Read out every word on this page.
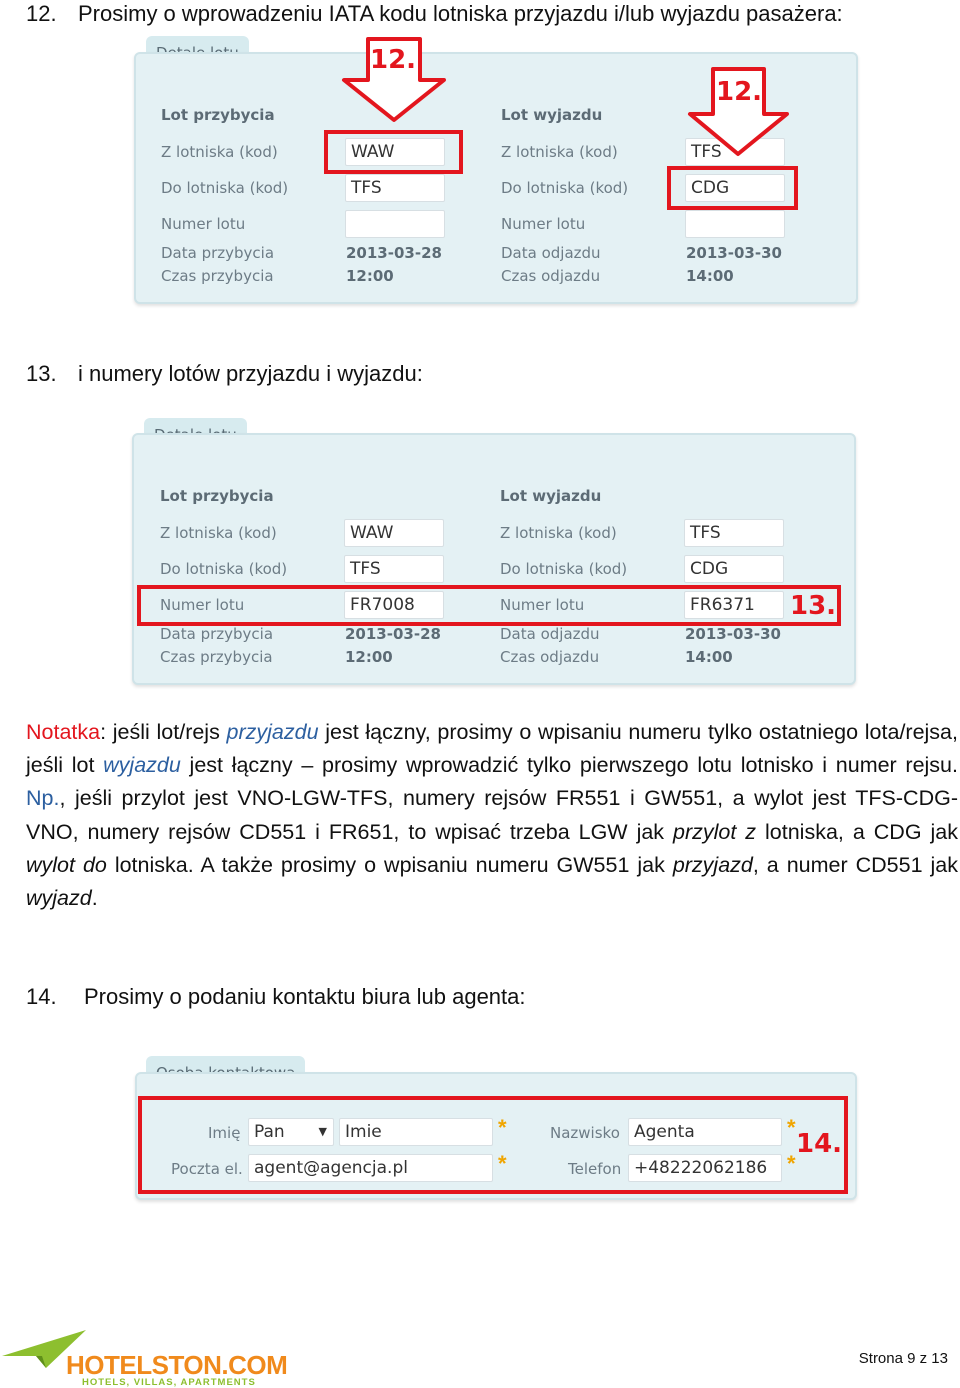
12. Prosimy o wprowadzeniu IATA kodu lotniska przyjazdu i/lub wyjazdu pasażera:
Lot przybycia
Z lotniska (kod)	WAW
Do lotniska (kod)	TFS
Numer lotu
Data przybycia	2013-03-28
Czas przybycia	12:00
Lot wyjazdu
Z lotniska (kod)	TFS
Do lotniska (kod)	CDG
Numer lotu
Data odjazdu	2013-03-30
Czas odjazdu	14:00
12.
12.
13. i numery lotów przyjazdu i wyjazdu:
Lot przybycia
Z lotniska (kod)	WAW
Do lotniska (kod)	TFS
Numer lotu	FR7008
Data przybycia	2013-03-28
Czas przybycia	12:00
Lot wyjazdu
Z lotniska (kod)	TFS
Do lotniska (kod)	CDG
Numer lotu	FR6371
Data odjazdu	2013-03-30
Czas odjazdu	14:00
13.
Notatka: jeśli lot/rejs przyjazdu jest łączny, prosimy o wpisaniu numeru tylko ostatniego lota/rejsa, jeśli lot wyjazdu jest łączny – prosimy wprowadzić tylko pierwszego lotu lotnisko i numer rejsu. Np., jeśli przylot jest VNO-LGW-TFS, numery rejsów FR551 i GW551, a wylot jest TFS-CDG-VNO, numery rejsów CD551 i FR651, to wpisać trzeba LGW jak przylot z lotniska, a CDG jak wylot do lotniska. A także prosimy o wpisaniu numeru GW551 jak przyjazd, a numer CD551 jak wyjazd.
14. Prosimy o podaniu kontaktu biura lub agenta:
Imię Pan	▼	Imie	*	Nazwisko Agenta	*
Poczta el. agent@agencja.pl	*	Telefon +48222062186 *
14.
HOTELSTON.COM
HOTELS, VILLAS, APARTMENTS
Strona 9 z 13
